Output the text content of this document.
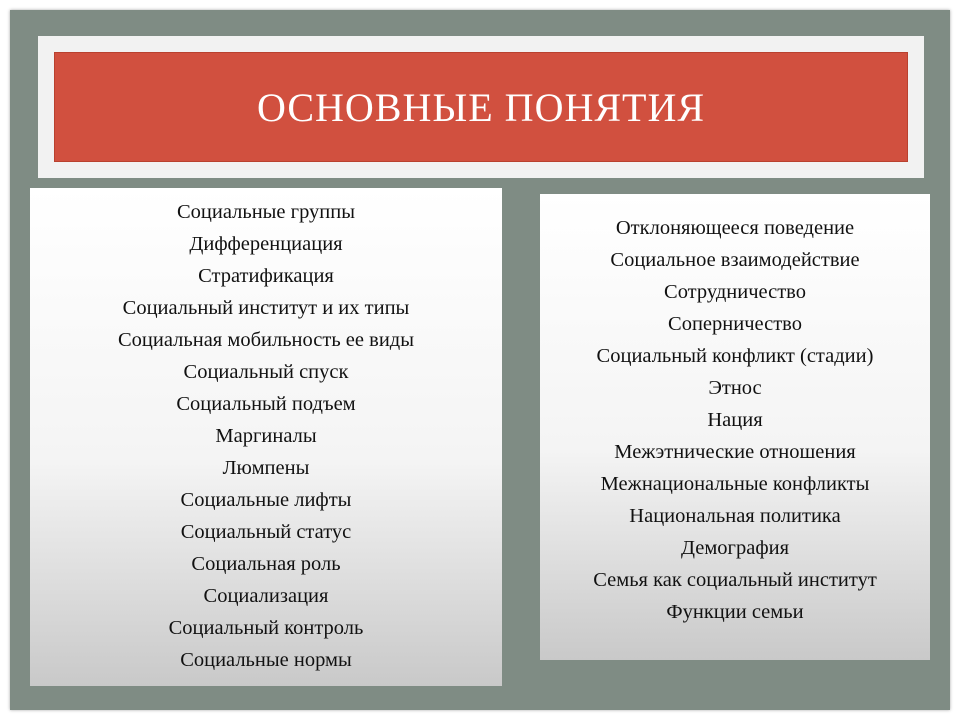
ОСНОВНЫЕ ПОНЯТИЯ
Социальные группы
Дифференциация
Стратификация
Социальный институт и их типы
Социальная мобильность ее виды
Социальный спуск
Социальный подъем
Маргиналы
Люмпены
Социальные лифты
Социальный статус
Социальная роль
Социализация
Социальный контроль
Социальные нормы
Отклоняющееся поведение
Социальное взаимодействие
Сотрудничество
Соперничество
Социальный конфликт (стадии)
Этнос
Нация
Межэтнические отношения
Межнациональные конфликты
Национальная политика
Демография
Семья как социальный институт
Функции семьи
